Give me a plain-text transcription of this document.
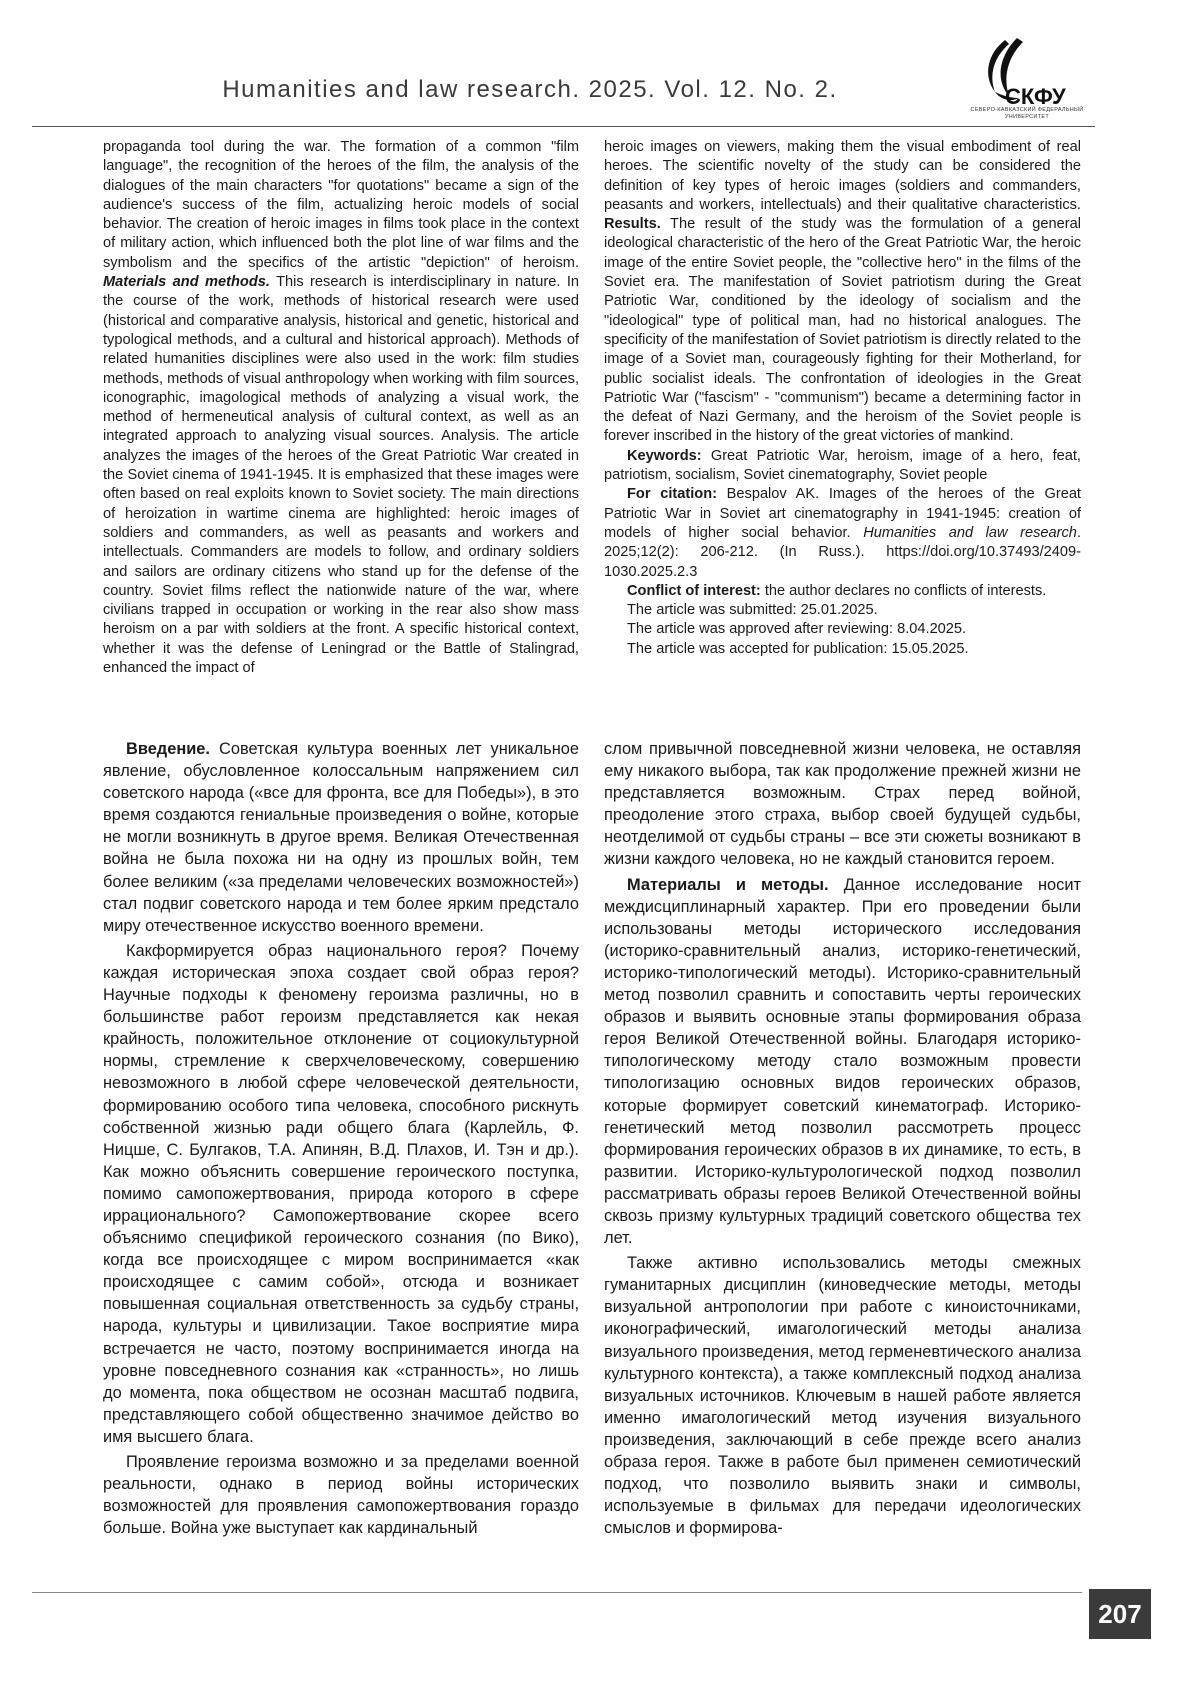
Humanities and law research. 2025. Vol. 12. No. 2.	СКФУ
СЕВЕРО-КАВКАЗСКИЙ ФЕДЕРАЛЬНЫЙ УНИВЕРСИТЕТ

propaganda tool during the war. The formation of a common "film language", the recognition of the heroes of the film, the analysis of the dialogues of the main characters "for quotations" became a sign of the audience's success of the film, actualizing heroic models of social behavior. The creation of heroic images in films took place in the context of military action, which influenced both the plot line of war films and the symbolism and the specifics of the artistic "depiction" of heroism. Materials and methods. This research is interdisciplinary in nature. In the course of the work, methods of historical research were used (historical and comparative analysis, historical and genetic, historical and typological methods, and a cultural and historical approach). Methods of related humanities disciplines were also used in the work: film studies methods, methods of visual anthropology when working with film sources, iconographic, imagological methods of analyzing a visual work, the method of hermeneutical analysis of cultural context, as well as an integrated approach to analyzing visual sources. Analysis. The article analyzes the images of the heroes of the Great Patriotic War created in the Soviet cinema of 1941-1945. It is emphasized that these images were often based on real exploits known to Soviet society. The main directions of heroization in wartime cinema are highlighted: heroic images of soldiers and commanders, as well as peasants and workers and intellectuals. Commanders are models to follow, and ordinary soldiers and sailors are ordinary citizens who stand up for the defense of the country. Soviet films reflect the nationwide nature of the war, where civilians trapped in occupation or working in the rear also show mass heroism on a par with soldiers at the front. A specific historical context, whether it was the defense of Leningrad or the Battle of Stalingrad, enhanced the impact of

heroic images on viewers, making them the visual embodiment of real heroes. The scientific novelty of the study can be considered the definition of key types of heroic images (soldiers and commanders, peasants and workers, intellectuals) and their qualitative characteristics. Results. The result of the study was the formulation of a general ideological characteristic of the hero of the Great Patriotic War, the heroic image of the entire Soviet people, the "collective hero" in the films of the Soviet era. The manifestation of Soviet patriotism during the Great Patriotic War, conditioned by the ideology of socialism and the "ideological" type of political man, had no historical analogues. The specificity of the manifestation of Soviet patriotism is directly related to the image of a Soviet man, courageously fighting for their Motherland, for public socialist ideals. The confrontation of ideologies in the Great Patriotic War ("fascism" - "communism") became a determining factor in the defeat of Nazi Germany, and the heroism of the Soviet people is forever inscribed in the history of the great victories of mankind.

Keywords: Great Patriotic War, heroism, image of a hero, feat, patriotism, socialism, Soviet cinematography, Soviet people

For citation: Bespalov AK. Images of the heroes of the Great Patriotic War in Soviet art cinematography in 1941-1945: creation of models of higher social behavior. Humanities and law research. 2025;12(2): 206-212. (In Russ.). https://doi.org/10.37493/2409-1030.2025.2.3

Conflict of interest: the author declares no conflicts of interests.

The article was submitted: 25.01.2025.

The article was approved after reviewing: 8.04.2025.

The article was accepted for publication: 15.05.2025.

Введение. Советская культура военных лет уникальное явление, обусловленное колоссальным напряжением сил советского народа («все для фронта, все для Победы»), в это время создаются гениальные произведения о войне, которые не могли возникнуть в другое время. Великая Отечественная война не была похожа ни на одну из прошлых войн, тем более великим («за пределами человеческих возможностей») стал подвиг советского народа и тем более ярким предстало миру отечественное искусство военного времени.

Какформируется образ национального героя? Почему каждая историческая эпоха создает свой образ героя? Научные подходы к феномену героизма различны, но в большинстве работ героизм представляется как некая крайность, положительное отклонение от социокультурной нормы, стремление к сверхчеловеческому, совершению невозможного в любой сфере человеческой деятельности, формированию особого типа человека, способного рискнуть собственной жизнью ради общего блага (Карлейль, Ф. Ницше, С. Булгаков, Т.А. Апинян, В.Д. Плахов, И. Тэн и др.). Как можно объяснить совершение героического поступка, помимо самопожертвования, природа которого в сфере иррационального? Самопожертвование скорее всего объяснимо спецификой героического сознания (по Вико), когда все происходящее с миром воспринимается «как происходящее с самим собой», отсюда и возникает повышенная социальная ответственность за судьбу страны, народа, культуры и цивилизации. Такое восприятие мира встречается не часто, поэтому воспринимается иногда на уровне повседневного сознания как «странность», но лишь до момента, пока обществом не осознан масштаб подвига, представляющего собой общественно значимое действо во имя высшего блага.

Проявление героизма возможно и за пределами военной реальности, однако в период войны исторических возможностей для проявления самопожертвования гораздо больше. Война уже выступает как кардинальный

слом привычной повседневной жизни человека, не оставляя ему никакого выбора, так как продолжение прежней жизни не представляется возможным. Страх перед войной, преодоление этого страха, выбор своей будущей судьбы, неотделимой от судьбы страны – все эти сюжеты возникают в жизни каждого человека, но не каждый становится героем.

Материалы и методы. Данное исследование носит междисциплинарный характер. При его проведении были использованы методы исторического исследования (историко-сравнительный анализ, историко-генетический, историко-типологический методы). Историко-сравнительный метод позволил сравнить и сопоставить черты героических образов и выявить основные этапы формирования образа героя Великой Отечественной войны. Благодаря историко-типологическому методу стало возможным провести типологизацию основных видов героических образов, которые формирует советский кинематограф. Историко-генетический метод позволил рассмотреть процесс формирования героических образов в их динамике, то есть, в развитии. Историко-культурологической подход позволил рассматривать образы героев Великой Отечественной войны сквозь призму культурных традиций советского общества тех лет.

Также активно использовались методы смежных гуманитарных дисциплин (киноведческие методы, методы визуальной антропологии при работе с киноисточниками, иконографический, имагологический методы анализа визуального произведения, метод герменевтического анализа культурного контекста), а также комплексный подход анализа визуальных источников. Ключевым в нашей работе является именно имагологический метод изучения визуального произведения, заключающий в себе прежде всего анализ образа героя. Также в работе был применен семиотический подход, что позволило выявить знаки и символы, используемые в фильмах для передачи идеологических смыслов и формирова-

207
